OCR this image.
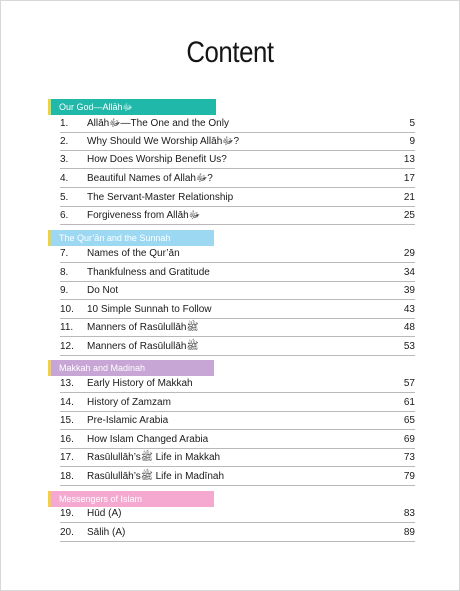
Content
Our God—Allāhﷻ
1. Allāhﷻ—The One and the Only	5
2. Why Should We Worship Allāhﷻ?	9
3. How Does Worship Benefit Us?	13
4. Beautiful Names of Allahﷻ?	17
5. The Servant-Master Relationship	21
6. Forgiveness from Allāhﷻ	25
The Qur’ān and the Sunnah
7. Names of the Qur’ān	29
8. Thankfulness and Gratitude	34
9. Do Not	39
10. 10 Simple Sunnah to Follow	43
11. Manners of Rasūlullāhﷺ	48
12. Manners of Rasūlullāhﷺ	53
Makkah and Madinah
13. Early History of Makkah	57
14. History of Zamzam	61
15. Pre-Islamic Arabia	65
16. How Islam Changed Arabia	69
17. Rasūlullāh’sﷺ Life in Makkah	73
18. Rasūlullāh’sﷺ Life in Madīnah	79
Messengers of Islam
19. Hūd (A)	83
20. Sālih (A)	89
